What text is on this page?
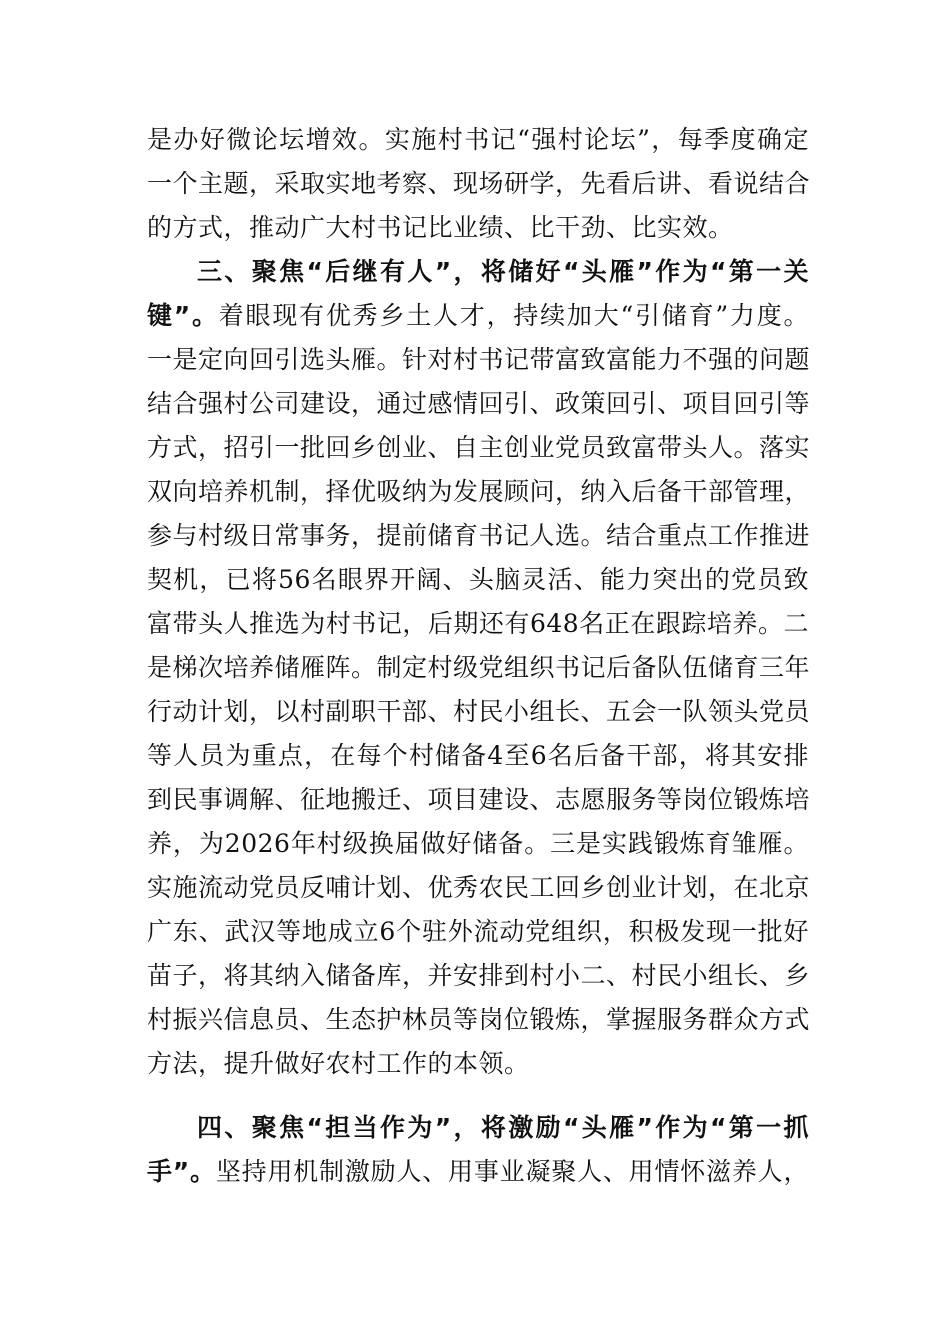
是办好微论坛增效。实施村书记“强村论坛”，每季度确定
一个主题，采取实地考察、现场研学，先看后讲、看说结合
的方式，推动广大村书记比业绩、比干劲、比实效。
三、聚焦“后继有人”，将储好“头雁”作为“第一关
键”。着眼现有优秀乡土人才，持续加大“引储育”力度。
一是定向回引选头雁。针对村书记带富致富能力不强的问题
结合强村公司建设，通过感情回引、政策回引、项目回引等
方式，招引一批回乡创业、自主创业党员致富带头人。落实
双向培养机制，择优吸纳为发展顾问，纳入后备干部管理，
参与村级日常事务，提前储育书记人选。结合重点工作推进
契机，已将56名眼界开阔、头脑灵活、能力突出的党员致
富带头人推选为村书记，后期还有648名正在跟踪培养。二
是梯次培养储雁阵。制定村级党组织书记后备队伍储育三年
行动计划，以村副职干部、村民小组长、五会一队领头党员
等人员为重点，在每个村储备4至6名后备干部，将其安排
到民事调解、征地搬迁、项目建设、志愿服务等岗位锻炼培
养，为2026年村级换届做好储备。三是实践锻炼育雏雁。
实施流动党员反哺计划、优秀农民工回乡创业计划，在北京
广东、武汉等地成立6个驻外流动党组织，积极发现一批好
苗子，将其纳入储备库，并安排到村小二、村民小组长、乡
村振兴信息员、生态护林员等岗位锻炼，掌握服务群众方式
方法，提升做好农村工作的本领。
四、聚焦“担当作为”，将激励“头雁”作为“第一抓
手”。坚持用机制激励人、用事业凝聚人、用情怀滋养人，
